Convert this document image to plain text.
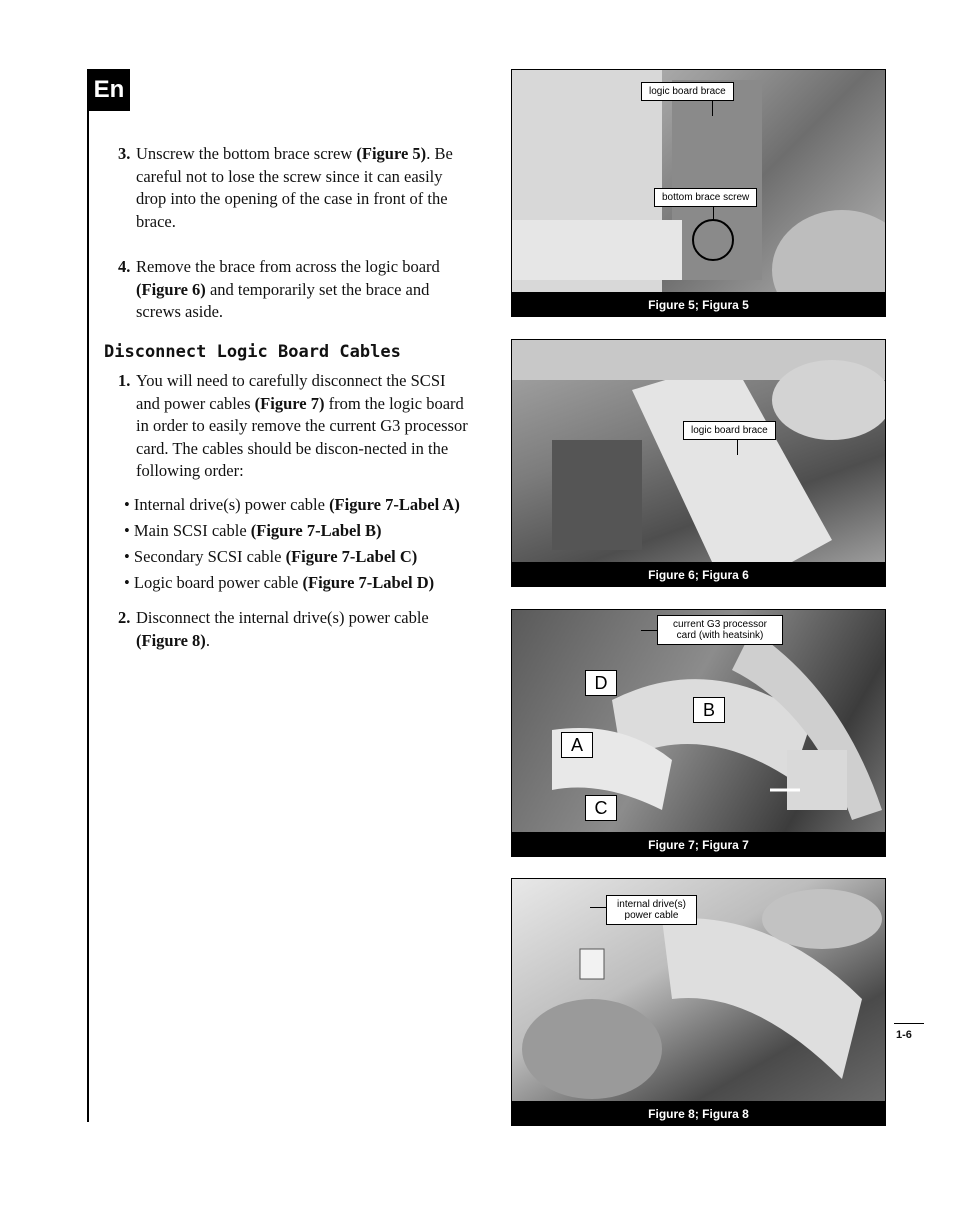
En
3. Unscrew the bottom brace screw (Figure 5). Be careful not to lose the screw since it can easily drop into the opening of the case in front of the brace.
4. Remove the brace from across the logic board (Figure 6) and temporarily set the brace and screws aside.
Disconnect Logic Board Cables
1. You will need to carefully disconnect the SCSI and power cables (Figure 7) from the logic board in order to easily remove the current G3 processor card. The cables should be discon-nected in the following order:
• Internal drive(s) power cable (Figure 7-Label A)
• Main SCSI cable (Figure 7-Label B)
• Secondary SCSI cable (Figure 7-Label C)
• Logic board power cable (Figure 7-Label D)
2. Disconnect the internal drive(s) power cable (Figure 8).
logic board brace
bottom brace screw
Figure 5; Figura 5
logic board brace
Figure 6; Figura 6
current G3 processor card (with heatsink)
D
B
A
C
Figure 7; Figura 7
internal drive(s) power cable
Figure 8; Figura 8
1-6
